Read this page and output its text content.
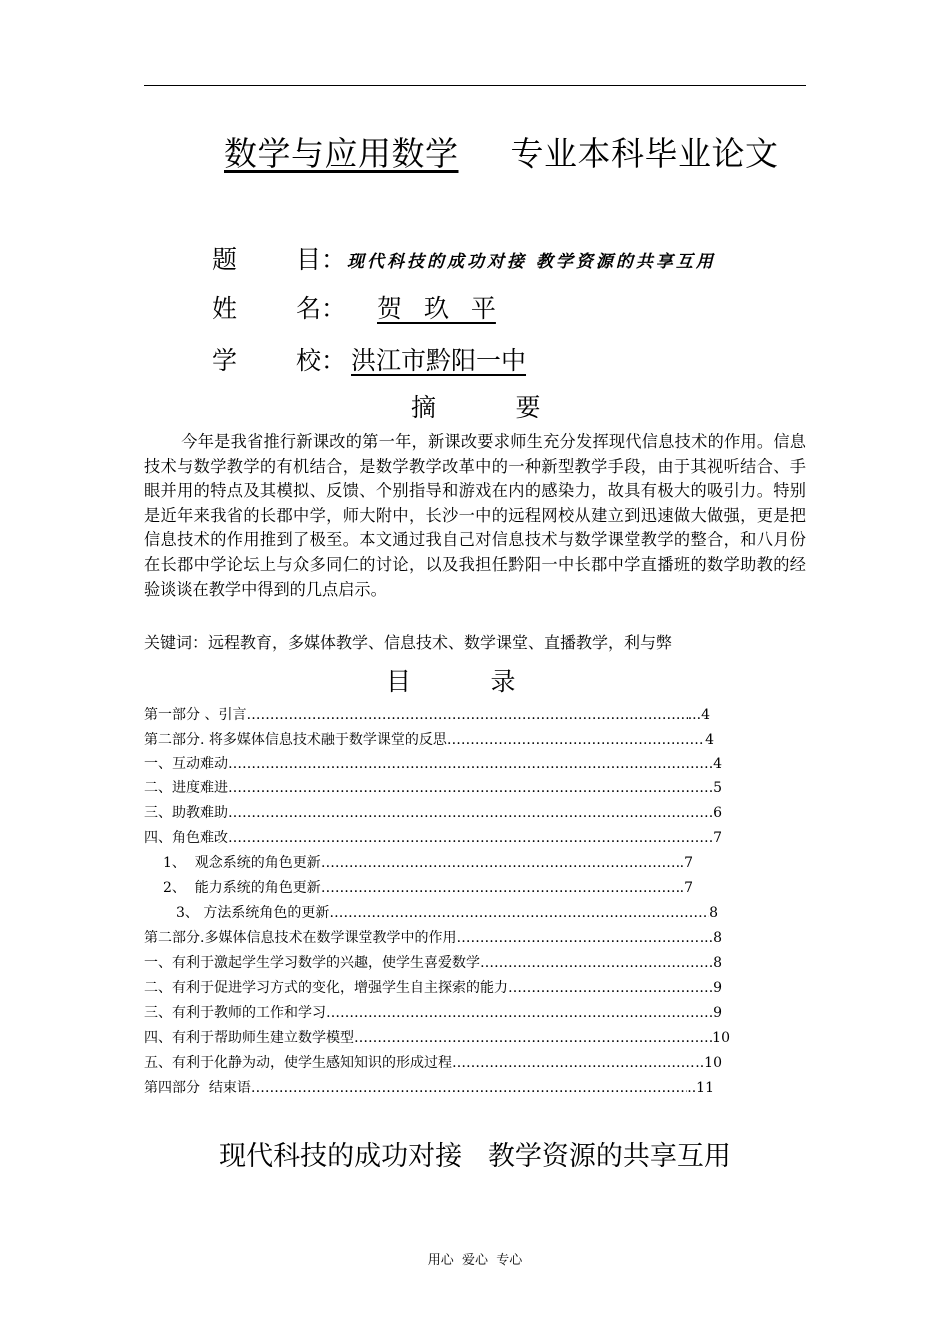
数学与应用数学 专业本科毕业论文
题 目： 现代科技的成功对接 教学资源的共享互用
姓 名：	贺 玖 平
学 校： 洪江市黔阳一中
摘          要
今年是我省推行新课改的第一年，新课改要求师生充分发挥现代信息技术的作用。信息技术与数学教学的有机结合，是数学教学改革中的一种新型教学手段，由于其视听结合、手眼并用的特点及其模拟、反馈、个别指导和游戏在内的感染力，故具有极大的吸引力。特别是近年来我省的长郡中学，师大附中，长沙一中的远程网校从建立到迅速做大做强，更是把信息技术的作用推到了极至。本文通过我自己对信息技术与数学课堂教学的整合，和八月份在长郡中学论坛上与众多同仁的讨论，以及我担任黔阳一中长郡中学直播班的数学助教的经验谈谈在教学中得到的几点启示。
关键词：远程教育，多媒体教学、信息技术、数学课堂、直播教学，利与弊
目          录
第一部分 、引言 ……………………………………………………………………………………………………………………………………	...4
第二部分. 将多媒体信息技术融于数学课堂的反思 ……………………………………………………………………………………………………………………………………	4
一、互动难动 ……………………………………………………………………………………………………………………………………	4
二、进度难进 ……………………………………………………………………………………………………………………………………	5
三、助教难助 ……………………………………………………………………………………………………………………………………	6
四、角色难改 ……………………………………………………………………………………………………………………………………	7
1、  观念系统的角色更新 ……………………………………………………………………………………………………………………………………	.7
2、  能力系统的角色更新 ……………………………………………………………………………………………………………………………………	.7
3、 方法系统角色的更新 ……………………………………………………………………………………………………………………………………	8
第二部分.多媒体信息技术在数学课堂教学中的作用 ……………………………………………………………………………………………………………………………………	...8
一、有利于激起学生学习数学的兴趣，使学生喜爱数学 ……………………………………………………………………………………………………………………………………	8
二、有利于促进学习方式的变化，增强学生自主探索的能力 ……………………………………………………………………………………………………………………………………	9
三、有利于教师的工作和学习 ……………………………………………………………………………………………………………………………………	9
四、有利于帮助师生建立数学模型 ……………………………………………………………………………………………………………………………………	10
五、有利于化静为动，使学生感知知识的形成过程 ……………………………………………………………………………………………………………………………………	..10
第四部分  结束语 ……………………………………………………………………………………………………………………………………	..11
现代科技的成功对接   教学资源的共享互用
用心  爱心  专心
